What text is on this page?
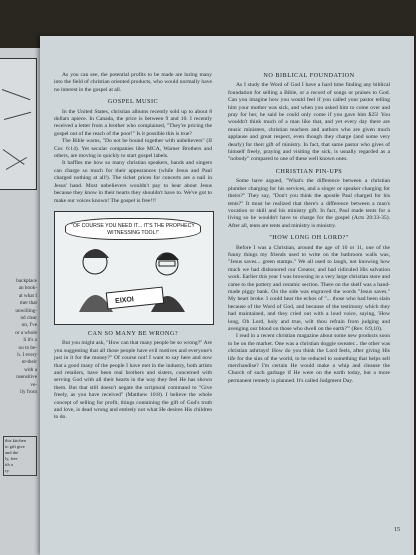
backplace
an book-
at what I
mer that
unwilling-
nd clear
on, I've
or a whole
li it's a
ou to be-
h. I every
nt-their
with a
nsensitive
ve-
lly from
this kitchen
to gift give
and the
ly, free
ith a
ry.

As you can see, the potential profits to be made are luring many into the field of christian oriented products, who would normally have no interest in the gospel at all.

GOSPEL MUSIC

In the United States, christian albums recently sold up to about 8 dollars apiece. In Canada, the price is between 9 and 10. I recently received a letter from a brother who complained, "They're pricing the gospel out of the reach of the poor!" Is it possible this is true?

The Bible warns, "Do not be bound together with unbelievers" (II Cor. 6:14). Yet secular companies like MCA, Warner Brothers and others, are moving in quickly to start gospel labels.

It baffles me how so many christian speakers, bands and singers can charge so much for their appearances (while Jesus and Paul charged nothing at all!). The ticket prices for concerts are a nail in Jesus' hand. Most unbelievers wouldn't pay to hear about Jesus because they know in their hearts they shouldn't have to. We've got to make our voices known! The gospel is free!!!

"OF COURSE YOU NEED IT... IT'S THE PROPHECY WITNESSING TOOL!"
EIXOI
CAN SO MANY BE WRONG?

But you might ask, "How can that many people be so wrong?" Are you suggesting that all those people have evil motives and everyone's just in it for the money?" Of course not! I want to say here and now that a good many of the people I have met in the industry, both artists and retailers, have been real brothers and sisters, concerned with serving God with all their hearts in the way they feel He has shown them. But that still doesn't negate the scriptural command to "Give freely, as you have received" (Matthew 10:8). I believe the whole concept of selling for profit, things containing the gift of God's truth and love, is dead wrong and entirely not what He desires His children to do.

NO BIBLICAL FOUNDATION

As I study the Word of God I have a hard time finding any biblical foundation for selling a Bible, or a record of songs or praises to God. Can you imagine how you would feel if you called your pastor telling him your mother was sick, and when you asked him to come over and pray for her, he said he could only come if you gave him $25! You wouldn't think much of a man like that, and yet every day there are music ministers, christian teachers and authors who are given much applause and great respect, even though they charge (and some very dearly) for their gift of ministry. In fact, that same pastor who gives of himself freely, praying and visiting the sick, is usually regarded as a "nobody" compared to one of these well known ones.

CHRISTIAN PIN-UPS

Some have argued, "What's the difference between a christian plumber charging for his services, and a singer or speaker charging for theirs?" They say, "Don't you think the apostle Paul charged for his tents?" It must be realized that there's a difference between a man's vocation or skill and his ministry gift. In fact, Paul made tents for a living so he wouldn't have to charge for the gospel (Acts 20:33-35). After all, tents are tents and ministry is ministry.

"HOW LONG OH LORD?"

Before I was a Christian, around the age of 10 or 11, one of the funny things my friends used to write on the bathroom walls was, "Jesus saves... green stamps." We all used to laugh, not knowing how much we had dishonored our Creator, and had ridiculed His salvation work. Earlier this year I was browsing in a very large christian store and came to the pottery and ceramic section. There on the shelf was a hand-made piggy bank. On the side was engraved the words "Jesus saves." My heart broke. I could hear the echos of "... those who had been slain because of the Word of God, and because of the testimony which they had maintained, and they cried out with a loud voice, saying, 'How long, Oh Lord, holy and true, wilt thou refrain from judging and avenging our blood on those who dwell on the earth?'" (Rev. 6:9,10).

I read in a recent christian magazine about some new products soon to be on the market. One was a christian doggie sweater... the other was christian ashtrays! How do you think the Lord feels, after giving His life for the sins of the world, to be reduced to something that helps sell merchandise? I'm certain He would make a whip and cleanse the Church of such garbage if He were on the earth today, but a more permanent remedy is planned. It's called Judgment Day.

15
